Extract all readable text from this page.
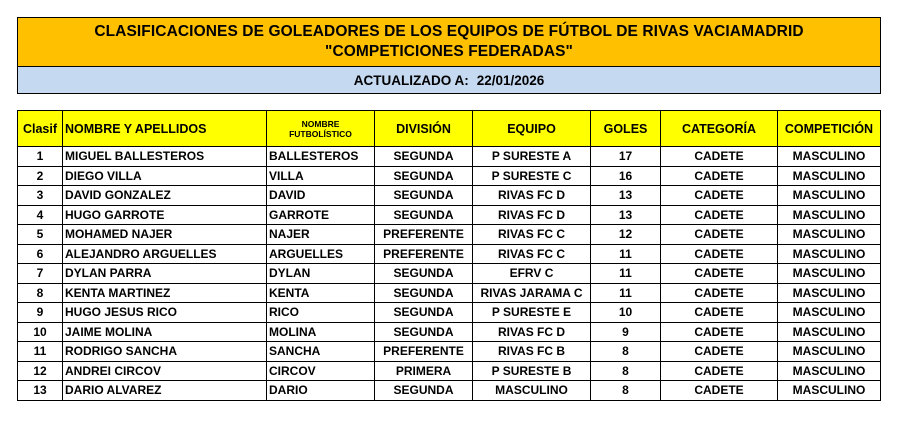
CLASIFICACIONES DE GOLEADORES DE LOS EQUIPOS DE FÚTBOL DE RIVAS VACIAMADRID
"COMPETICIONES FEDERADAS"
ACTUALIZADO A: 22/01/2026
Clasif	NOMBRE Y APELLIDOS	NOMBRE
FUTBOLÍSTICO	DIVISIÓN	EQUIPO	GOLES	CATEGORÍA	COMPETICIÓN
1	MIGUEL BALLESTEROS	BALLESTEROS	SEGUNDA	P SURESTE A	17	CADETE	MASCULINO
2	DIEGO VILLA	VILLA	SEGUNDA	P SURESTE C	16	CADETE	MASCULINO
3	DAVID GONZALEZ	DAVID	SEGUNDA	RIVAS FC D	13	CADETE	MASCULINO
4	HUGO GARROTE	GARROTE	SEGUNDA	RIVAS FC D	13	CADETE	MASCULINO
5	MOHAMED NAJER	NAJER	PREFERENTE	RIVAS FC C	12	CADETE	MASCULINO
6	ALEJANDRO ARGUELLES	ARGUELLES	PREFERENTE	RIVAS FC C	11	CADETE	MASCULINO
7	DYLAN PARRA	DYLAN	SEGUNDA	EFRV C	11	CADETE	MASCULINO
8	KENTA MARTINEZ	KENTA	SEGUNDA	RIVAS JARAMA C	11	CADETE	MASCULINO
9	HUGO JESUS RICO	RICO	SEGUNDA	P SURESTE E	10	CADETE	MASCULINO
10	JAIME MOLINA	MOLINA	SEGUNDA	RIVAS FC D	9	CADETE	MASCULINO
11	RODRIGO SANCHA	SANCHA	PREFERENTE	RIVAS FC B	8	CADETE	MASCULINO
12	ANDREI CIRCOV	CIRCOV	PRIMERA	P SURESTE B	8	CADETE	MASCULINO
13	DARIO ALVAREZ	DARIO	SEGUNDA	MASCULINO	8	CADETE	MASCULINO
